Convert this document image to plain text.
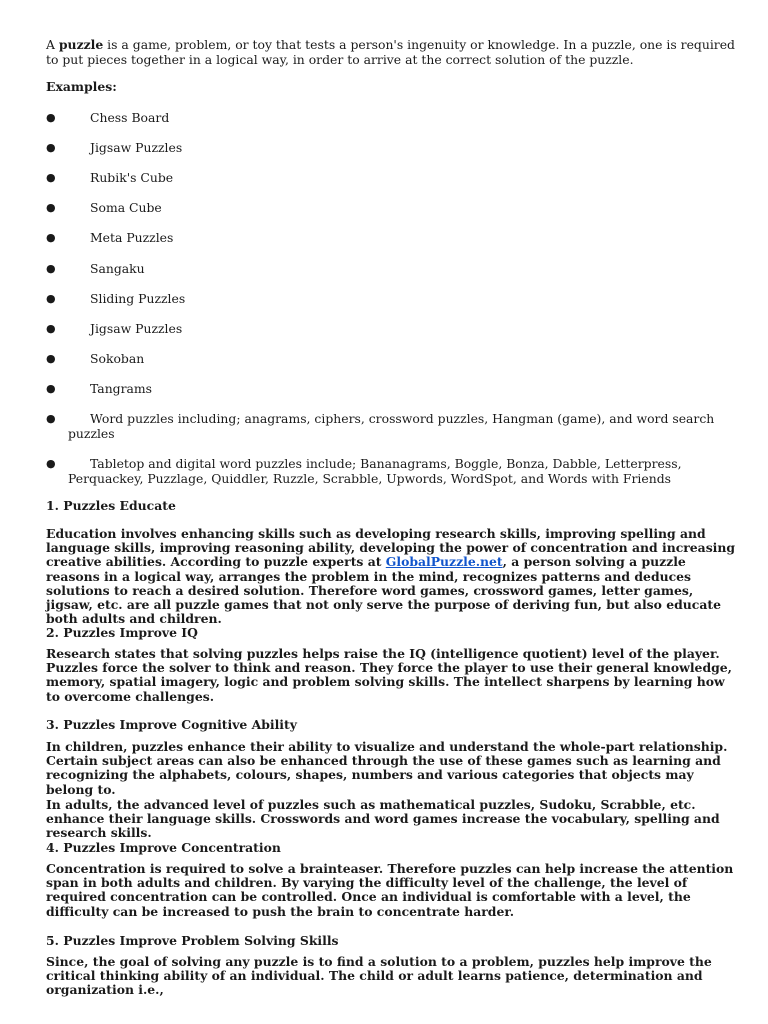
A puzzle is a game, problem, or toy that tests a person's ingenuity or knowledge. In a puzzle, one is required to put pieces together in a logical way, in order to arrive at the correct solution of the puzzle.

Examples:

●	Chess Board
●	Jigsaw Puzzles
●	Rubik's Cube
●	Soma Cube
●	Meta Puzzles
●	Sangaku
●	Sliding Puzzles
●	Jigsaw Puzzles
●	Sokoban
●	Tangrams
●	Word puzzles including; anagrams, ciphers, crossword puzzles, Hangman (game), and word search puzzles
●	Tabletop and digital word puzzles include; Bananagrams, Boggle, Bonza, Dabble, Letterpress, Perquackey, Puzzlage, Quiddler, Ruzzle, Scrabble, Upwords, WordSpot, and Words with Friends

1. Puzzles Educate

Education involves enhancing skills such as developing research skills, improving spelling and language skills, improving reasoning ability, developing the power of concentration and increasing creative abilities. According to puzzle experts at GlobalPuzzle.net, a person solving a puzzle reasons in a logical way, arranges the problem in the mind, recognizes patterns and deduces solutions to reach a desired solution. Therefore word games, crossword games, letter games, jigsaw, etc. are all puzzle games that not only serve the purpose of deriving fun, but also educate both adults and children.

2. Puzzles Improve IQ

Research states that solving puzzles helps raise the IQ (intelligence quotient) level of the player. Puzzles force the solver to think and reason. They force the player to use their general knowledge, memory, spatial imagery, logic and problem solving skills. The intellect sharpens by learning how to overcome challenges.

3. Puzzles Improve Cognitive Ability

In children, puzzles enhance their ability to visualize and understand the whole-part relationship. Certain subject areas can also be enhanced through the use of these games such as learning and recognizing the alphabets, colours, shapes, numbers and various categories that objects may belong to.

In adults, the advanced level of puzzles such as mathematical puzzles, Sudoku, Scrabble, etc. enhance their language skills. Crosswords and word games increase the vocabulary, spelling and research skills.

4. Puzzles Improve Concentration

Concentration is required to solve a brainteaser. Therefore puzzles can help increase the attention span in both adults and children. By varying the difficulty level of the challenge, the level of required concentration can be controlled. Once an individual is comfortable with a level, the difficulty can be increased to push the brain to concentrate harder.

5. Puzzles Improve Problem Solving Skills

Since, the goal of solving any puzzle is to find a solution to a problem, puzzles help improve the critical thinking ability of an individual. The child or adult learns patience, determination and organization i.e.,
